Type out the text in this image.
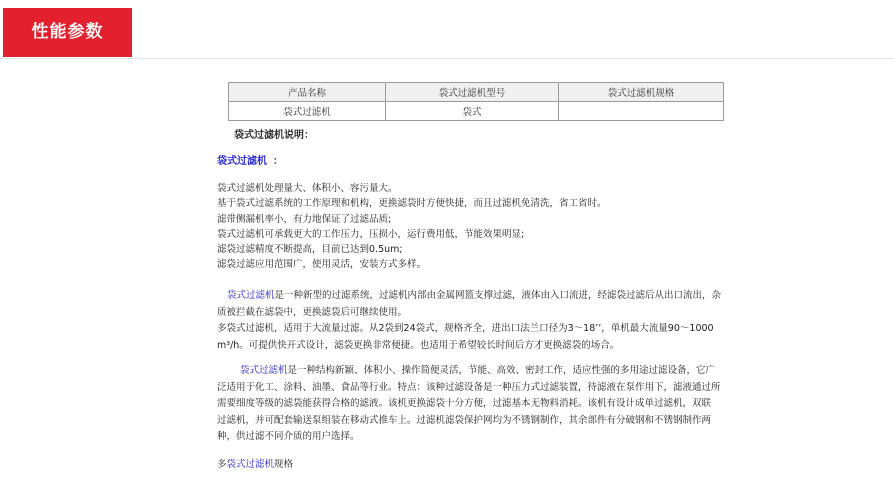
性能参数
产品名称	袋式过滤机型号	袋式过滤机规格
袋式过滤机	袋式	
袋式过滤机说明：
袋式过滤机 ：
袋式过滤机处理量大、体积小、容污量大。
基于袋式过滤系统的工作原理和机构，更换滤袋时方便快捷，而且过滤机免清洗，省工省时。
滤带侧漏机率小，有力地保证了过滤品质;
袋式过滤机可承载更大的工作压力，压损小，运行费用低，节能效果明显;
滤袋过滤精度不断提高，目前已达到0.5um;
滤袋过滤应用范围广，使用灵活，安装方式多样。
袋式过滤机是一种新型的过滤系统，过滤机内部由金属网篮支撑过滤，液体由入口流进，经滤袋过滤后从出口流出，杂
质被拦截在滤袋中，更换滤袋后可继续使用。
多袋式过滤机，适用于大流量过滤。从2袋到24袋式，规格齐全，进出口法兰口径为3～18’’，单机最大流量90～1000
m³/h。可提供快开式设计，滤袋更换非常便捷。也适用于希望较长时间后方才更换滤袋的场合。
袋式过滤机是一种结构新颖、体积小、操作简便灵活，节能、高效、密封工作，适应性强的多用途过滤设备，它广
泛适用于化工、涂料、油墨、食品等行业。特点：该种过滤设备是一种压力式过滤装置，待滤液在泵作用下，滤液通过所
需要细度等级的滤袋能获得合格的滤液。该机更换滤袋十分方便，过滤基本无物料消耗。该机有设计成单过滤机，双联
过滤机，并可配套输送泵组装在移动式推车上。过滤机滤袋保护网均为不锈钢制作，其余部件有分破钢和不锈钢制作两
种，供过滤不同介质的用户选择。
多袋式过滤机规格
